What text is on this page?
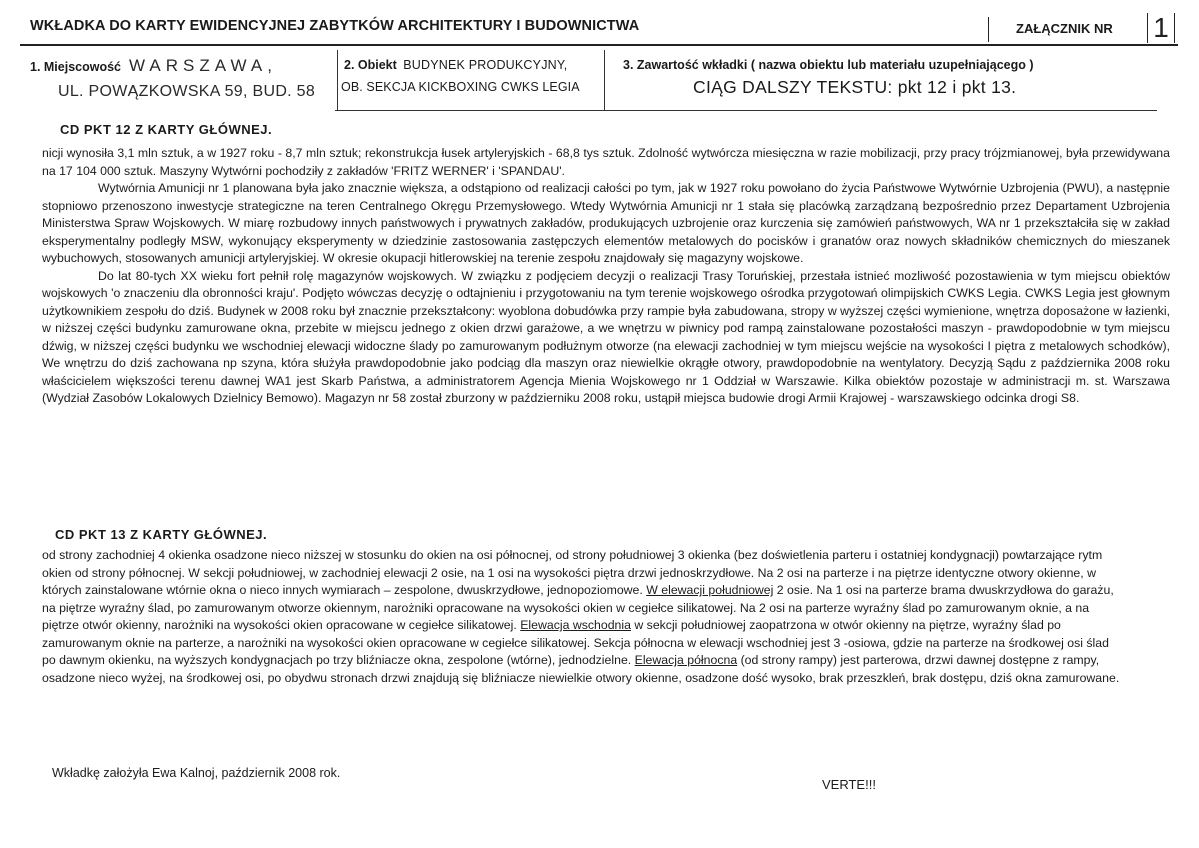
WKŁADKA DO KARTY EWIDENCYJNEJ ZABYTKÓW ARCHITEKTURY I BUDOWNICTWA	ZAŁĄCZNIK NR 1
1. Miejscowość WARSZAWA,
UL. POWĄZKOWSKA 59, BUD. 58
2. Obiekt BUDYNEK PRODUKCYJNY,
OB. SEKCJA KICKBOXING CWKS LEGIA
3. Zawartość wkładki ( nazwa obiektu lub materiału uzupełniającego )
CIĄG DALSZY TEKSTU: pkt 12 i pkt 13.
CD PKT 12 Z KARTY GŁÓWNEJ.

nicji wynosiła 3,1 mln sztuk, a w 1927 roku - 8,7 mln sztuk; rekonstrukcja łusek artyleryjskich - 68,8 tys sztuk. Zdolność wytwórcza miesięczna w razie mobilizacji, przy pracy trójzmianowej, była przewidywana na 17 104 000 sztuk. Maszyny Wytwórni pochodziły z zakładów 'FRITZ WERNER' i 'SPANDAU'.

Wytwórnia Amunicji nr 1 planowana była jako znacznie większa, a odstąpiono od realizacji całości po tym, jak w 1927 roku powołano do życia Państwowe Wytwórnie Uzbrojenia (PWU), a następnie stopniowo przenoszono inwestycje strategiczne na teren Centralnego Okręgu Przemysłowego. Wtedy Wytwórnia Amunicji nr 1 stała się placówką zarządzaną bezpośrednio przez Departament Uzbrojenia Ministerstwa Spraw Wojskowych. W miarę rozbudowy innych państwowych i prywatnych zakładów, produkujących uzbrojenie oraz kurczenia się zamówień państwowych, WA nr 1 przekształciła się w zakład eksperymentalny podległy MSW, wykonujący eksperymenty w dziedzinie zastosowania zastępczych elementów metalowych do pocisków i granatów oraz nowych składników chemicznych do mieszanek wybuchowych, stosowanych amunicji artyleryjskiej. W okresie okupacji hitlerowskiej na terenie zespołu znajdowały się magazyny wojskowe.

Do lat 80-tych XX wieku fort pełnił rolę magazynów wojskowych. W związku z podjęciem decyzji o realizacji Trasy Toruńskiej, przestała istnieć mozliwość pozostawienia w tym miejscu obiektów wojskowych 'o znaczeniu dla obronności kraju'. Podjęto wówczas decyzję o odtajnieniu i przygotowaniu na tym terenie wojskowego ośrodka przygotowań olimpijskich CWKS Legia. CWKS Legia jest głownym użytkownikiem zespołu do dziś. Budynek w 2008 roku był znacznie przekształcony: wyoblona dobudówka przy rampie była zabudowana, stropy w wyższej części wymienione, wnętrza doposażone w łazienki, w niższej części budynku zamurowane okna, przebite w miejscu jednego z okien drzwi garażowe, a we wnętrzu w piwnicy pod rampą zainstalowane pozostałości maszyn - prawdopodobnie w tym miejscu dźwig, w niższej części budynku we wschodniej elewacji widoczne ślady po zamurowanym podłużnym otworze (na elewacji zachodniej w tym miejscu wejście na wysokości I piętra z metalowych schodków), We wnętrzu do dziś zachowana np szyna, która służyła prawdopodobnie jako podciąg dla maszyn oraz niewielkie okrągłe otwory, prawdopodobnie na wentylatory. Decyzją Sądu z października 2008 roku właścicielem większości terenu dawnej WA1 jest Skarb Państwa, a administratorem Agencja Mienia Wojskowego nr 1 Oddział w Warszawie. Kilka obiektów pozostaje w administracji m. st. Warszawa (Wydział Zasobów Lokalowych Dzielnicy Bemowo). Magazyn nr 58 został zburzony w październiku 2008 roku, ustąpił miejsca budowie drogi Armii Krajowej - warszawskiego odcinka drogi S8.

CD PKT 13 Z KARTY GŁÓWNEJ.

od strony zachodniej 4 okienka osadzone nieco niższej w stosunku do okien na osi północnej, od strony południowej 3 okienka (bez doświetlenia parteru i ostatniej kondygnacji) powtarzające rytm okien od strony północnej. W sekcji południowej, w zachodniej elewacji 2 osie, na 1 osi na wysokości piętra drzwi jednoskrzydłowe. Na 2 osi na parterze i na piętrze identyczne otwory okienne, w których zainstalowane wtórnie okna o nieco innych wymiarach – zespolone, dwuskrzydłowe, jednopoziomowe. W elewacji południowej 2 osie. Na 1 osi na parterze brama dwuskrzydłowa do garażu, na piętrze wyraźny ślad, po zamurowanym otworze okiennym, narożniki opracowane na wysokości okien w cegiełce silikatowej. Na 2 osi na parterze wyraźny ślad po zamurowanym oknie, a na piętrze otwór okienny, narożniki na wysokości okien opracowane w cegiełce silikatowej. Elewacja wschodnia w sekcji południowej zaopatrzona w otwór okienny na piętrze, wyraźny ślad po zamurowanym oknie na parterze, a narożniki na wysokości okien opracowane w cegiełce silikatowej. Sekcja północna w elewacji wschodniej jest 3 -osiowa, gdzie na parterze na środkowej osi ślad po dawnym okienku, na wyższych kondygnacjach po trzy bliźniacze okna, zespolone (wtórne), jednodzielne. Elewacja północna (od strony rampy) jest parterowa, drzwi dawnej dostępne z rampy, osadzone nieco wyżej, na środkowej osi, po obydwu stronach drzwi znajdują się bliźniacze niewielkie otwory okienne, osadzone dość wysoko, brak przeszkleń, brak dostępu, dziś okna zamurowane.

Wkładkę założyła Ewa Kalnoj, październik 2008 rok.
VERTE!!!
